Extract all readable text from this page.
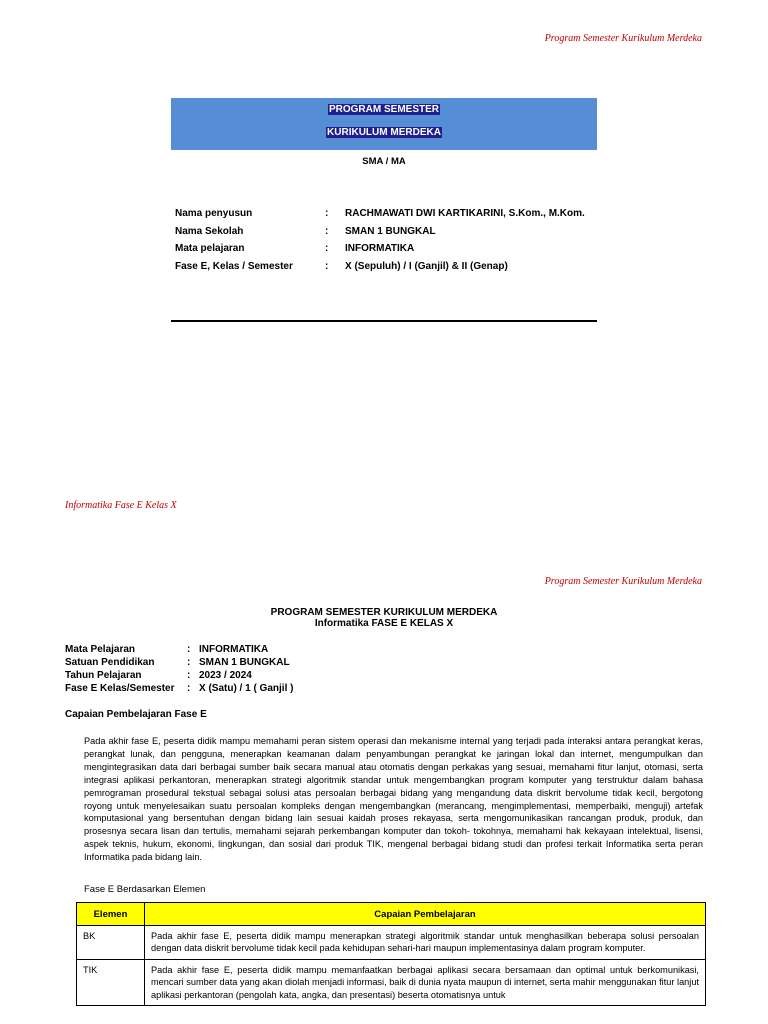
Program Semester Kurikulum Merdeka
PROGRAM SEMESTER
KURIKULUM MERDEKA
SMA / MA
Nama penyusun	:	RACHMAWATI DWI KARTIKARINI, S.Kom., M.Kom.
Nama Sekolah	:	SMAN 1 BUNGKAL
Mata pelajaran	:	INFORMATIKA
Fase E, Kelas / Semester	:	X (Sepuluh) / I (Ganjil) & II (Genap)
Informatika Fase E Kelas X
Program Semester Kurikulum Merdeka
PROGRAM SEMESTER KURIKULUM MERDEKA
Informatika FASE E KELAS X
Mata Pelajaran	: INFORMATIKA
Satuan Pendidikan	: SMAN 1 BUNGKAL
Tahun Pelajaran	: 2023 / 2024
Fase E Kelas/Semester	: X (Satu) / 1 ( Ganjil )
Capaian Pembelajaran Fase E

Pada akhir fase E, peserta didik mampu memahami peran sistem operasi dan mekanisme internal yang terjadi pada interaksi antara perangkat keras, perangkat lunak, dan pengguna, menerapkan keamanan dalam penyambungan perangkat ke jaringan lokal dan internet, mengumpulkan dan mengintegrasikan data dari berbagai sumber baik secara manual atau otomatis dengan perkakas yang sesuai, memahami fitur lanjut, otomasi, serta integrasi aplikasi perkantoran, menerapkan strategi algoritmik standar untuk mengembangkan program komputer yang terstruktur dalam bahasa pemrograman prosedural tekstual sebagai solusi atas persoalan berbagai bidang yang mengandung data diskrit bervolume tidak kecil, bergotong royong untuk menyelesaikan suatu persoalan kompleks dengan mengembangkan (merancang, mengimplementasi, memperbaiki, menguji) artefak komputasional yang bersentuhan dengan bidang lain sesuai kaidah proses rekayasa, serta mengomunikasikan rancangan produk, produk, dan prosesnya secara lisan dan tertulis, memahami sejarah perkembangan komputer dan tokoh- tokohnya, memahami hak kekayaan intelektual, lisensi, aspek teknis, hukum, ekonomi, lingkungan, dan sosial dari produk TIK, mengenal berbagai bidang studi dan profesi terkait Informatika serta peran Informatika pada bidang lain.

Fase E Berdasarkan Elemen
Elemen	Capaian Pembelajaran
BK	Pada akhir fase E, peserta didik mampu menerapkan strategi algoritmik standar untuk menghasilkan beberapa solusi persoalan dengan data diskrit bervolume tidak kecil pada kehidupan sehari-hari maupun implementasinya dalam program komputer.
TIK	Pada akhir fase E, peserta didik mampu memanfaatkan berbagai aplikasi secara bersamaan dan optimal untuk berkomunikasi, mencari sumber data yang akan diolah menjadi informasi, baik di dunia nyata maupun di internet, serta mahir menggunakan fitur lanjut aplikasi perkantoran (pengolah kata, angka, dan presentasi) beserta otomatisnya untuk
